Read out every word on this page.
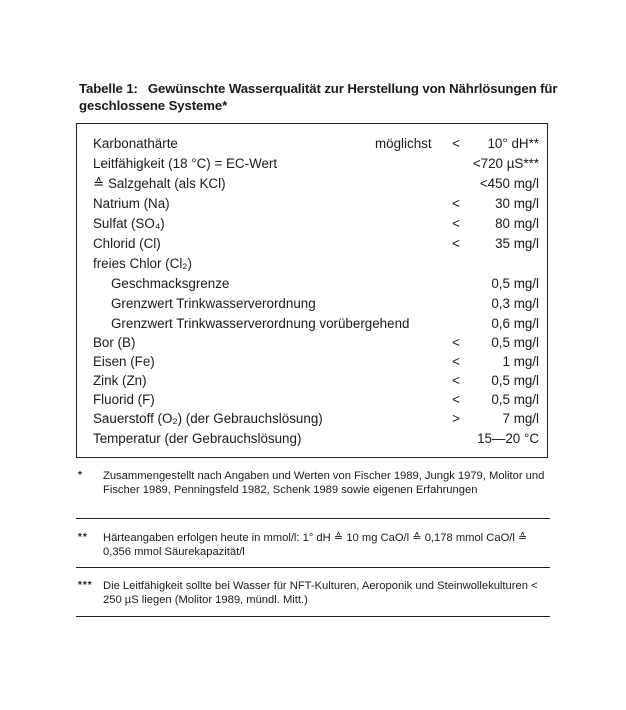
Tabelle 1: Gewünschte Wasserqualität zur Herstellung von Nährlösungen für geschlossene Systeme*
Karbonathärte	möglichst < 10° dH**
Leitfähigkeit (18 °C) = EC-Wert	<720 µS***
≙ Salzgehalt (als KCl)	<450 mg/l
Natrium (Na)	<	30 mg/l
Sulfat (SO₄)	<	80 mg/l
Chlorid (Cl)	<	35 mg/l
freies Chlor (Cl₂)
Geschmacksgrenze	0,5 mg/l
Grenzwert Trinkwasserverordnung	0,3 mg/l
Grenzwert Trinkwasserverordnung vorübergehend	0,6 mg/l
Bor (B)	< 0,5 mg/l
Eisen (Fe)	<	1 mg/l
Zink (Zn)	< 0,5 mg/l
Fluorid (F)	< 0,5 mg/l
Sauerstoff (O₂) (der Gebrauchslösung)	>	7 mg/l
Temperatur (der Gebrauchslösung)	15—20 °C
* Zusammengestellt nach Angaben und Werten von Fischer 1989, Jungk 1979, Molitor und Fischer 1989, Penningsfeld 1982, Schenk 1989 sowie eigenen Erfahrungen
** Härteangaben erfolgen heute in mmol/l: 1° dH ≙ 10 mg CaO/l ≙ 0,178 mmol CaO/l ≙ 0,356 mmol Säurekapazität/l
*** Die Leitfähigkeit sollte bei Wasser für NFT-Kulturen, Aeroponik und Steinwollekulturen < 250 µS liegen (Molitor 1989, mündl. Mitt.)
